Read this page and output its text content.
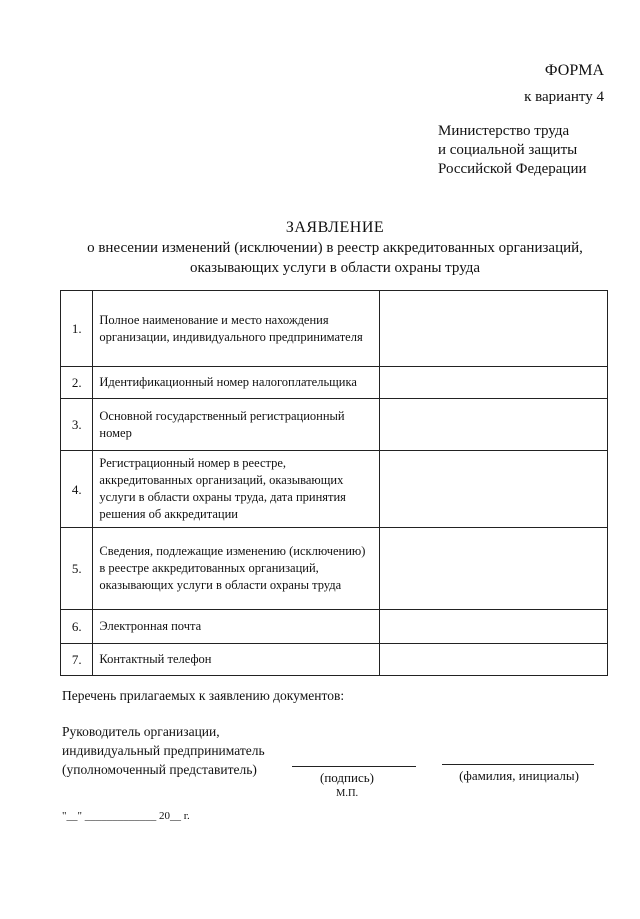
ФОРМА
к варианту 4
Министерство труда
и социальной защиты
Российской Федерации
ЗАЯВЛЕНИЕ
о внесении изменений (исключении) в реестр аккредитованных организаций,
оказывающих услуги в области охраны труда
1.	Полное наименование и место нахождения организации, индивидуального предпринимателя	
2.	Идентификационный номер налогоплательщика	
3.	Основной государственный регистрационный номер	
4.	Регистрационный номер в реестре, аккредитованных организаций, оказывающих услуги в области охраны труда, дата принятия решения об аккредитации	
5.	Сведения, подлежащие изменению (исключению) в реестре аккредитованных организаций, оказывающих услуги в области охраны труда	
6.	Электронная почта	
7.	Контактный телефон	
Перечень прилагаемых к заявлению документов:
Руководитель организации,
индивидуальный предприниматель
(уполномоченный представитель)
(подпись)	(фамилия, инициалы)
М.П.
"__" _____________ 20__ г.
